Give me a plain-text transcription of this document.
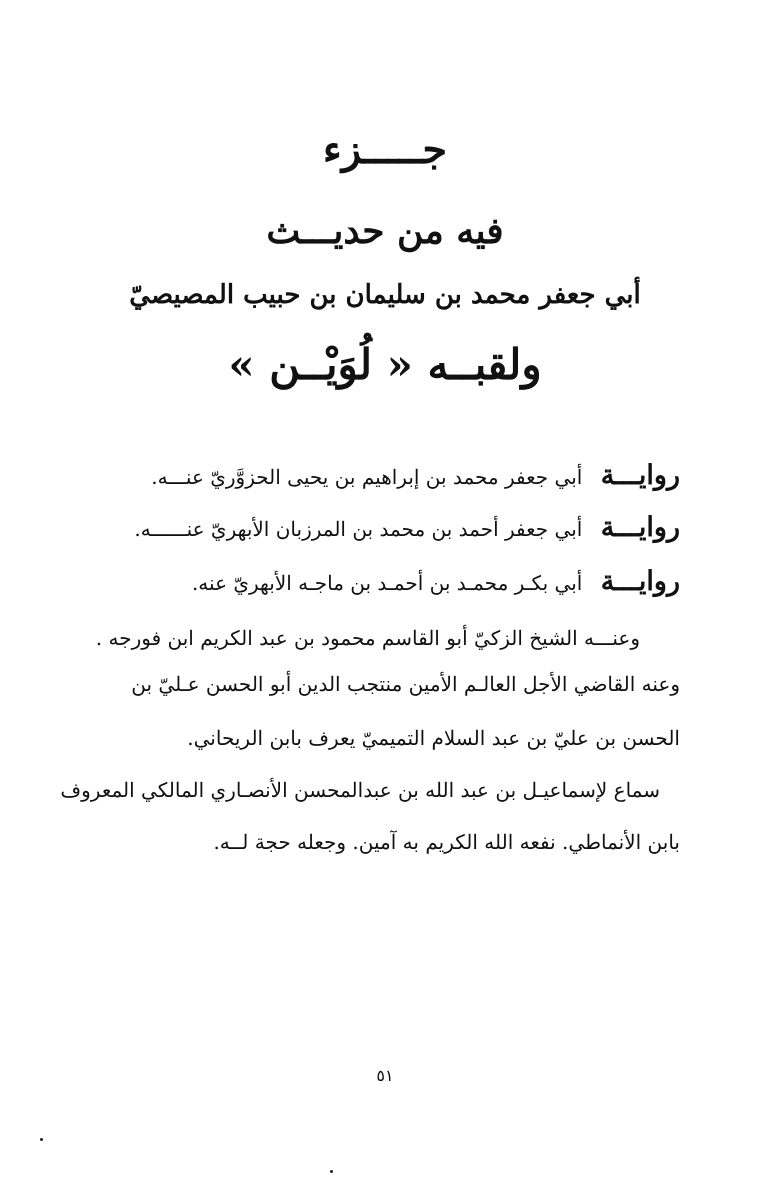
جـــــزء
فيه من حديـــث
أبي جعفر محمد بن سليمان بن حبيب المصيصيّ
ولقبــه « لُوَيْــن »
روايـــة أبي جعفر محمد بن إبراهيم بن يحيى الحزوَّريّ عنـــه.
روايـــة أبي جعفر أحمد بن محمد بن المرزبان الأبهريّ عنــــــه.
روايـــة أبي بكـر محمـد بن أحمـد بن ماجـه الأبهريّ عنه.
وعنـــه الشيخ الزكيّ أبو القاسم محمود بن عبد الكريم ابن فورجه .
وعنه القاضي الأجل العالـم الأمين منتجب الدين أبو الحسن عـليّ بن
الحسن بن عليّ بن عبد السلام التميميّ يعرف بابن الريحاني.
سماع لإسماعيـل بن عبد الله بن عبدالمحسن الأنصـاري المالكي المعروف
بابن الأنماطي. نفعه الله الكريم به آمين. وجعله حجة لــه.
٥١
